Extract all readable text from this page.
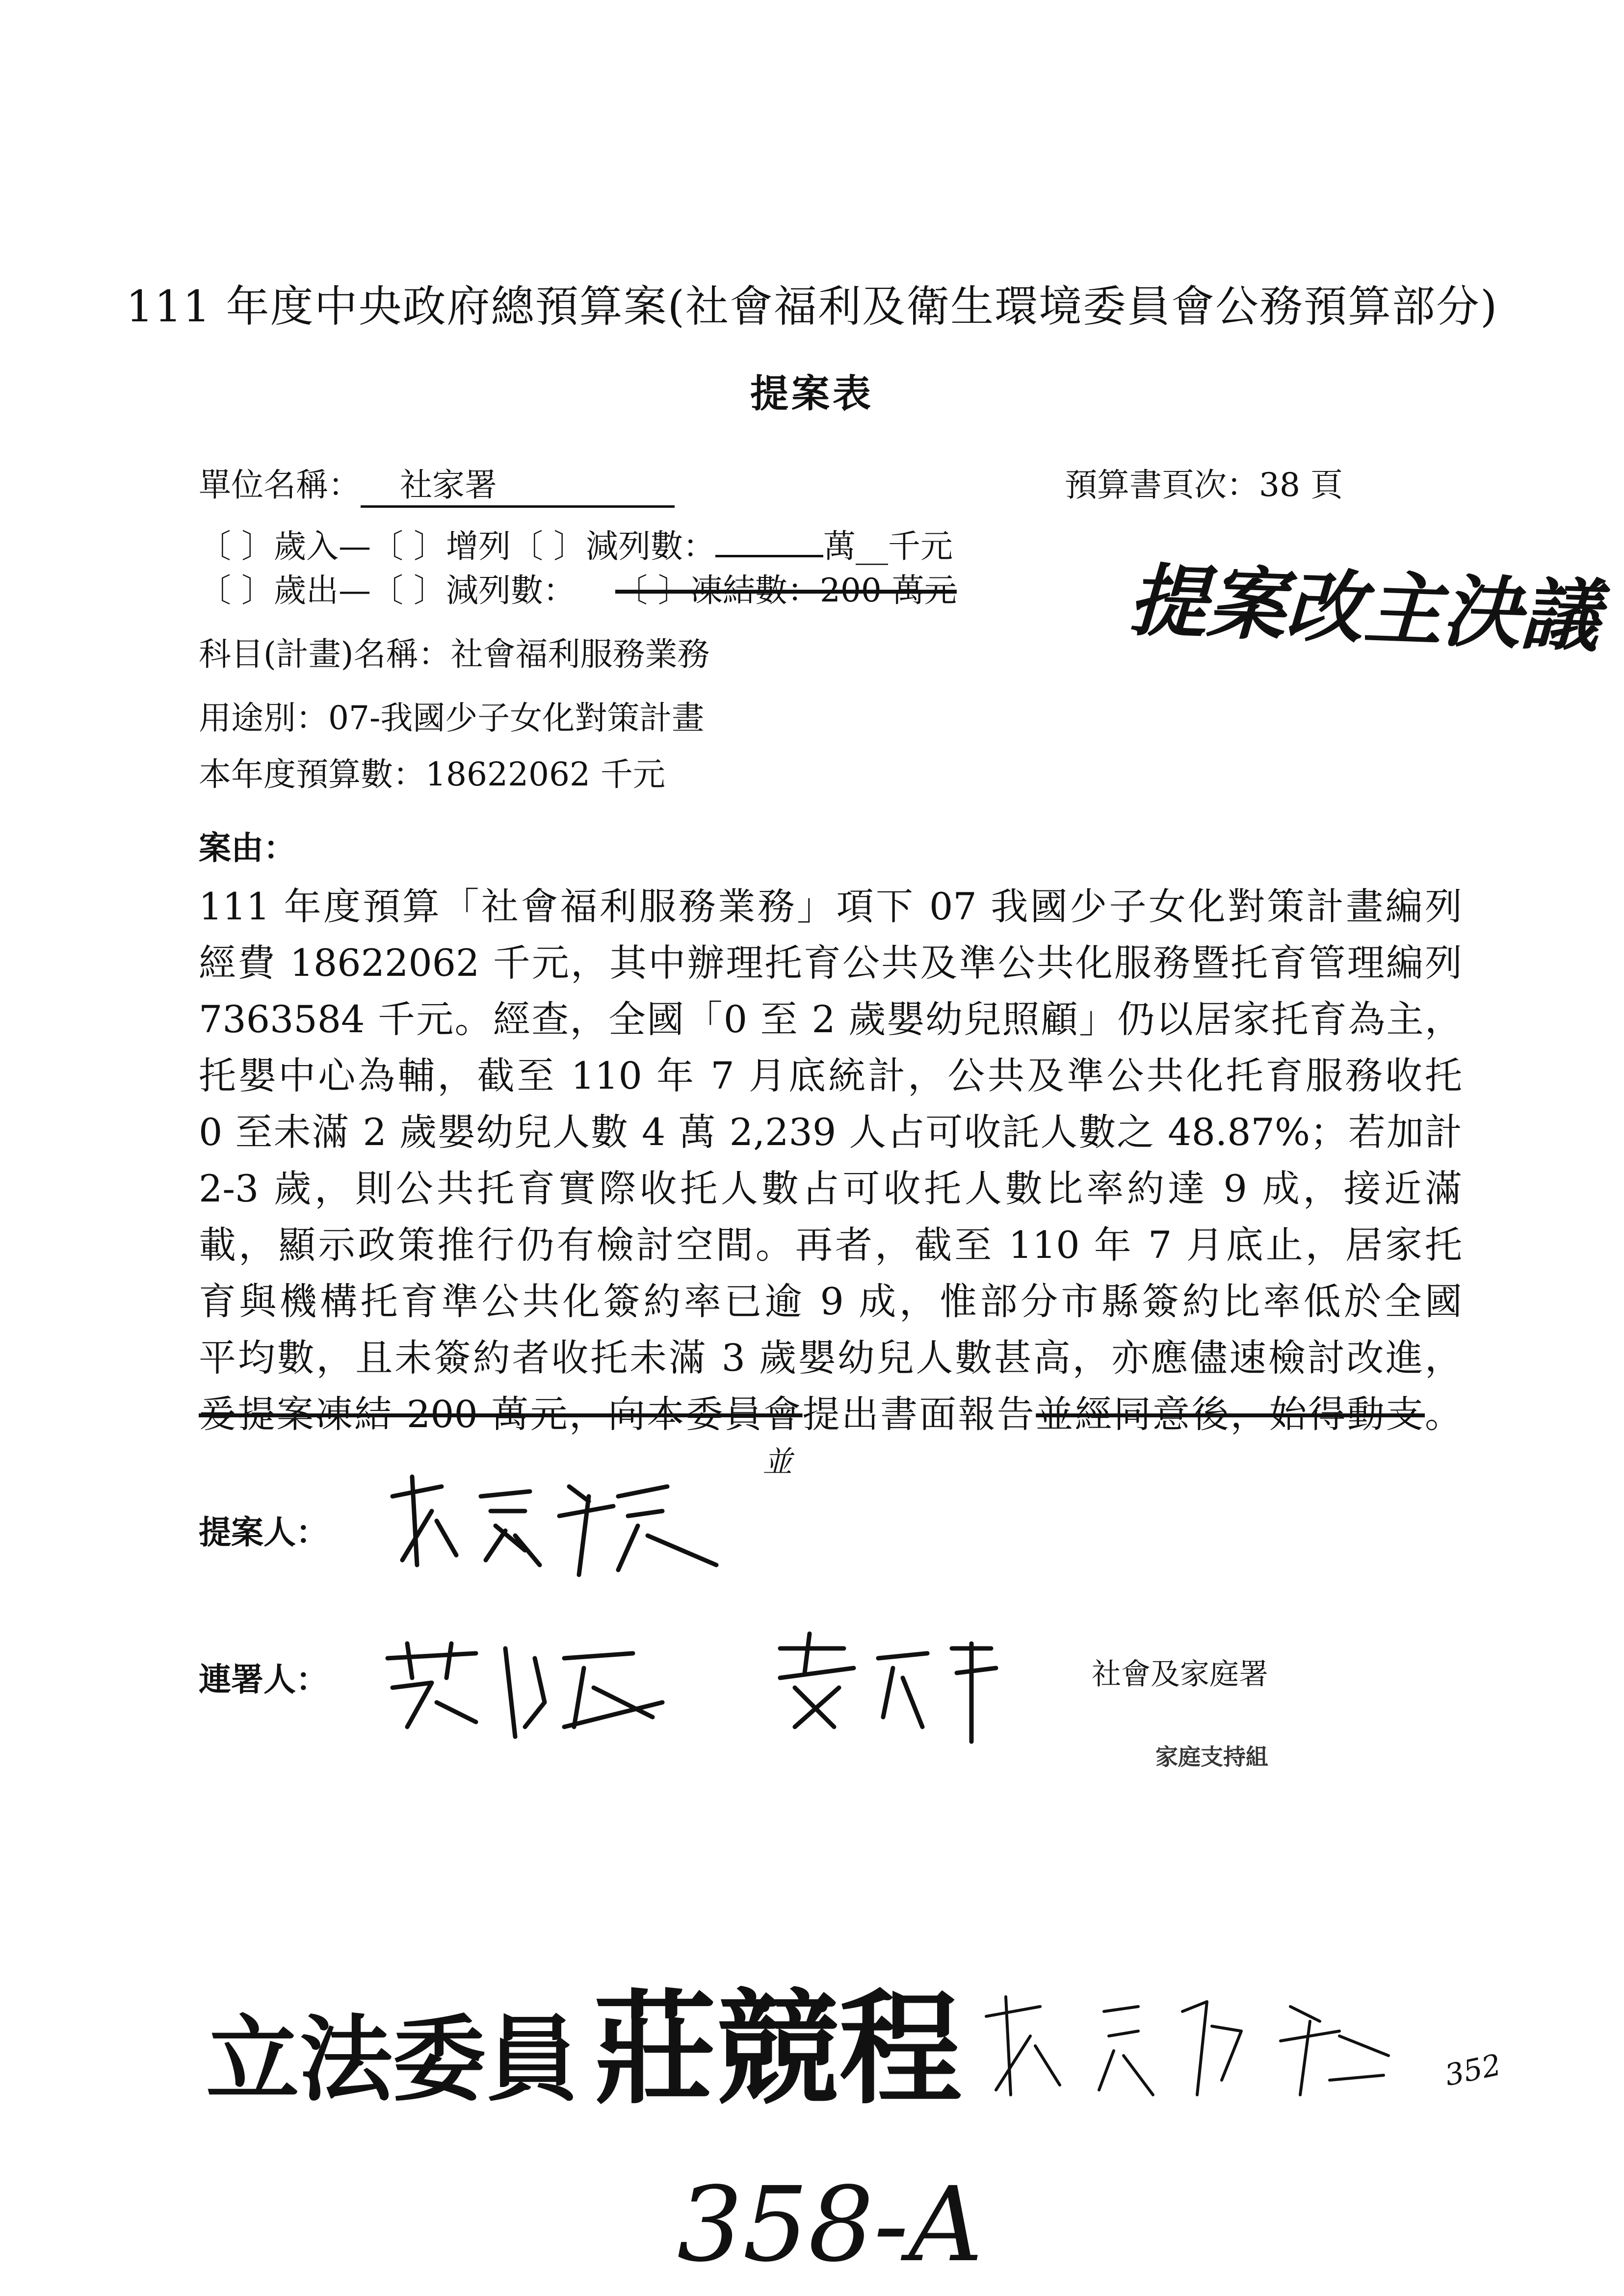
111 年度中央政府總預算案(社會福利及衛生環境委員會公務預算部分)
提案表
單位名稱： 社家署	預算書頁次：38 頁
〔 〕歲入—〔 〕增列〔 〕減列數：	萬__千元
〔 〕歲出—〔 〕減列數： 〔 〕凍結數：200 萬元 提案改主決議
科目(計畫)名稱：社會福利服務業務
用途別：07-我國少子女化對策計畫
本年度預算數：18622062 千元
案由：
111 年度預算「社會福利服務業務」項下 07 我國少子女化對策計畫編列
經費 18622062 千元，其中辦理托育公共及準公共化服務暨托育管理編列
7363584 千元。經查，全國「0 至 2 歲嬰幼兒照顧」仍以居家托育為主，
托嬰中心為輔，截至 110 年 7 月底統計，公共及準公共化托育服務收托
0 至未滿 2 歲嬰幼兒人數 4 萬 2,239 人占可收託人數之 48.87%；若加計
2-3 歲，則公共托育實際收托人數占可收托人數比率約達 9 成，接近滿
載，顯示政策推行仍有檢討空間。再者，截至 110 年 7 月底止，居家托
育與機構托育準公共化簽約率已逾 9 成，惟部分市縣簽約比率低於全國
平均數，且未簽約者收托未滿 3 歲嬰幼兒人數甚高，亦應儘速檢討改進，
爰提案凍結 200 萬元，向本委員會提出書面報告並經同意後，始得動支。
並
提案人：
連署人：	社會及家庭署
家庭支持組
立法委員 莊競程
358-A
352
